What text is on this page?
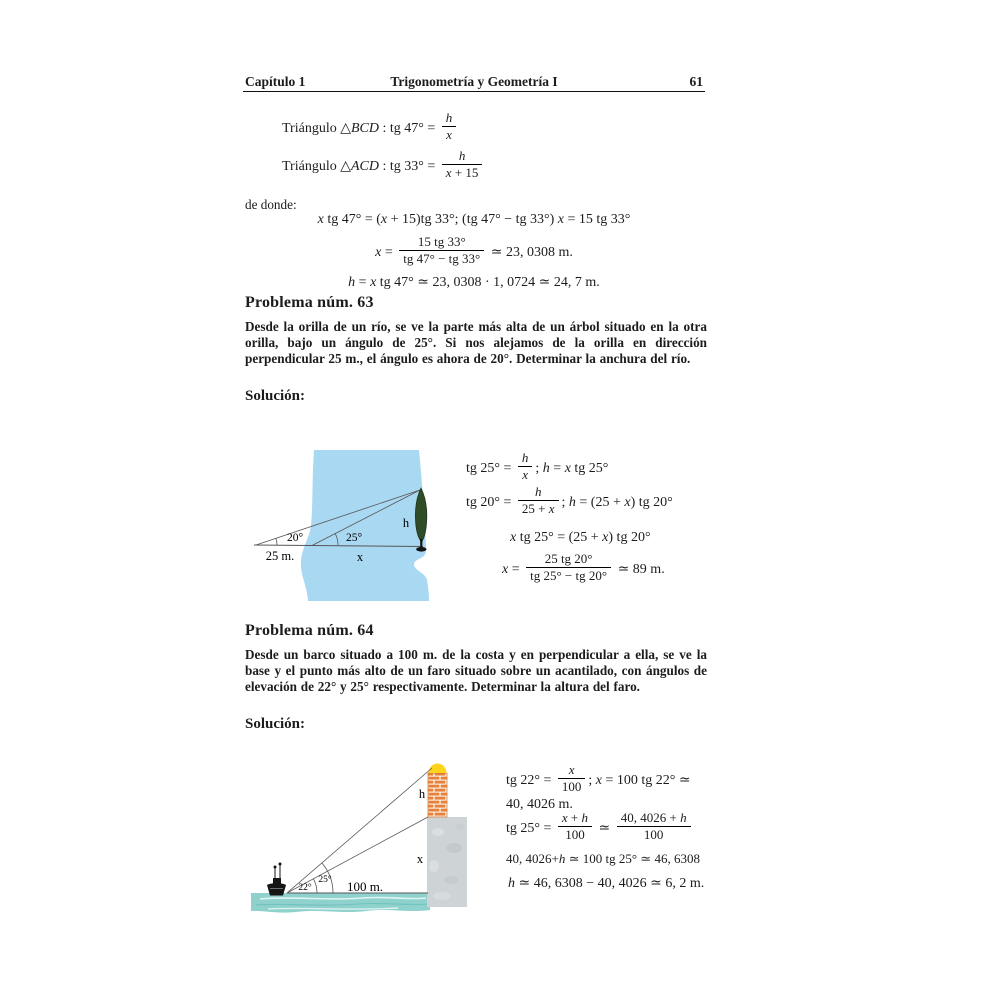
Capítulo 1	Trigonometría y Geometría I	61
Triángulo △BCD : tg $47^\circ = \frac{h}{x}$
Triángulo △ACD : tg $33^\circ = \frac{h}{x + 15}$
de donde:
x tg 47° = (x + 15)tg 33°; (tg 47° − tg 33°) x = 15 tg 33°
$x = \frac{15 tg 33^\circ}{tg 47^\circ - tg 33^\circ}$ ≃ 23, 0308 m.
h = x tg 47° ≃ 23, 0308 · 1, 0724 ≃ 24, 7 m.
Problema núm. 63
Desde la orilla de un río, se ve la parte más alta de un árbol situado en la otra orilla, bajo un ángulo de 25°. Si nos alejamos de la orilla en dirección perpendicular 25 m., el ángulo es ahora de 20°. Determinar la anchura del río.
Solución:
20°	25°
25 m.	x
h
tg $25^\circ = \frac{h}{x}$ ; h = x tg 25°
tg $20^\circ = \frac{h}{25 + x}$ ; h = (25 + x) tg 20°
x tg 25° = (25 + x) tg 20°
$x = \frac{25 tg 20^\circ}{tg 25^\circ - tg 20^\circ}$ ≃ 89 m.
Problema núm. 64
Desde un barco situado a 100 m. de la costa y en perpendicular a ella, se ve la base y el punto más alto de un faro situado sobre un acantilado, con ángulos de elevación de 22° y 25° respectivamente. Determinar la altura del faro.
Solución:
22°
25° 100 m.
h
x
tg $22^\circ = \frac{x}{100}$ ; x = 100 tg 22° ≃
40, 4026 m.
tg $25^\circ = \frac{x + h}{100}$ ≃ $\frac{40, 4026 + h}{100}$
40, 4026+h ≃ 100 tg 25° ≃ 46, 6308
h ≃ 46, 6308 − 40, 4026 ≃ 6, 2 m.
